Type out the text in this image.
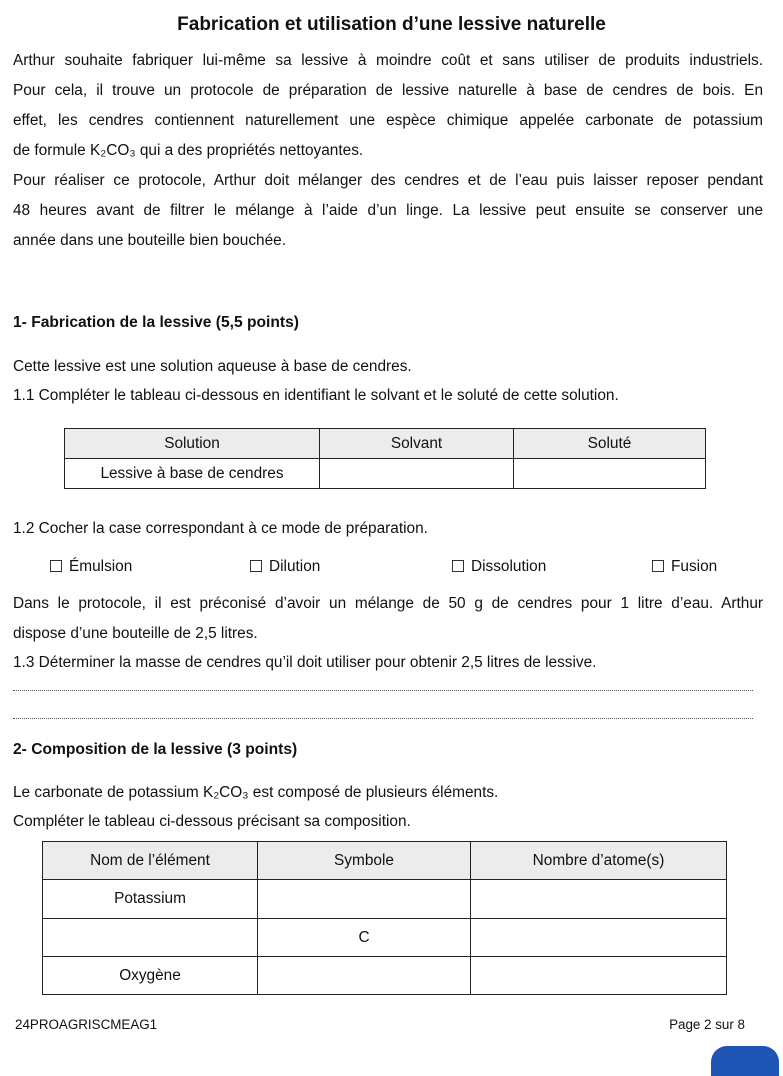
Fabrication et utilisation d’une lessive naturelle
Arthur souhaite fabriquer lui-même sa lessive à moindre coût et sans utiliser de produits industriels.
Pour cela, il trouve un protocole de préparation de lessive naturelle à base de cendres de bois. En
effet, les cendres contiennent naturellement une espèce chimique appelée carbonate de potassium
de formule K₂CO₃ qui a des propriétés nettoyantes.
Pour réaliser ce protocole, Arthur doit mélanger des cendres et de l’eau puis laisser reposer pendant
48 heures avant de filtrer le mélange à l’aide d’un linge. La lessive peut ensuite se conserver une
année dans une bouteille bien bouchée.
1- Fabrication de la lessive (5,5 points)
Cette lessive est une solution aqueuse à base de cendres.
1.1 Compléter le tableau ci-dessous en identifiant le solvant et le soluté de cette solution.
Solution	Solvant	Soluté
Lessive à base de cendres		
1.2 Cocher la case correspondant à ce mode de préparation.
Émulsion	Dilution	Dissolution	Fusion
Dans le protocole, il est préconisé d’avoir un mélange de 50 g de cendres pour 1 litre d’eau. Arthur
dispose d’une bouteille de 2,5 litres.
1.3 Déterminer la masse de cendres qu’il doit utiliser pour obtenir 2,5 litres de lessive.
2- Composition de la lessive (3 points)
Le carbonate de potassium K₂CO₃ est composé de plusieurs éléments.
Compléter le tableau ci-dessous précisant sa composition.
Nom de l’élément	Symbole	Nombre d’atome(s)
Potassium		
	C	
Oxygène		
24PROAGRISCMEAG1	Page 2 sur 8
